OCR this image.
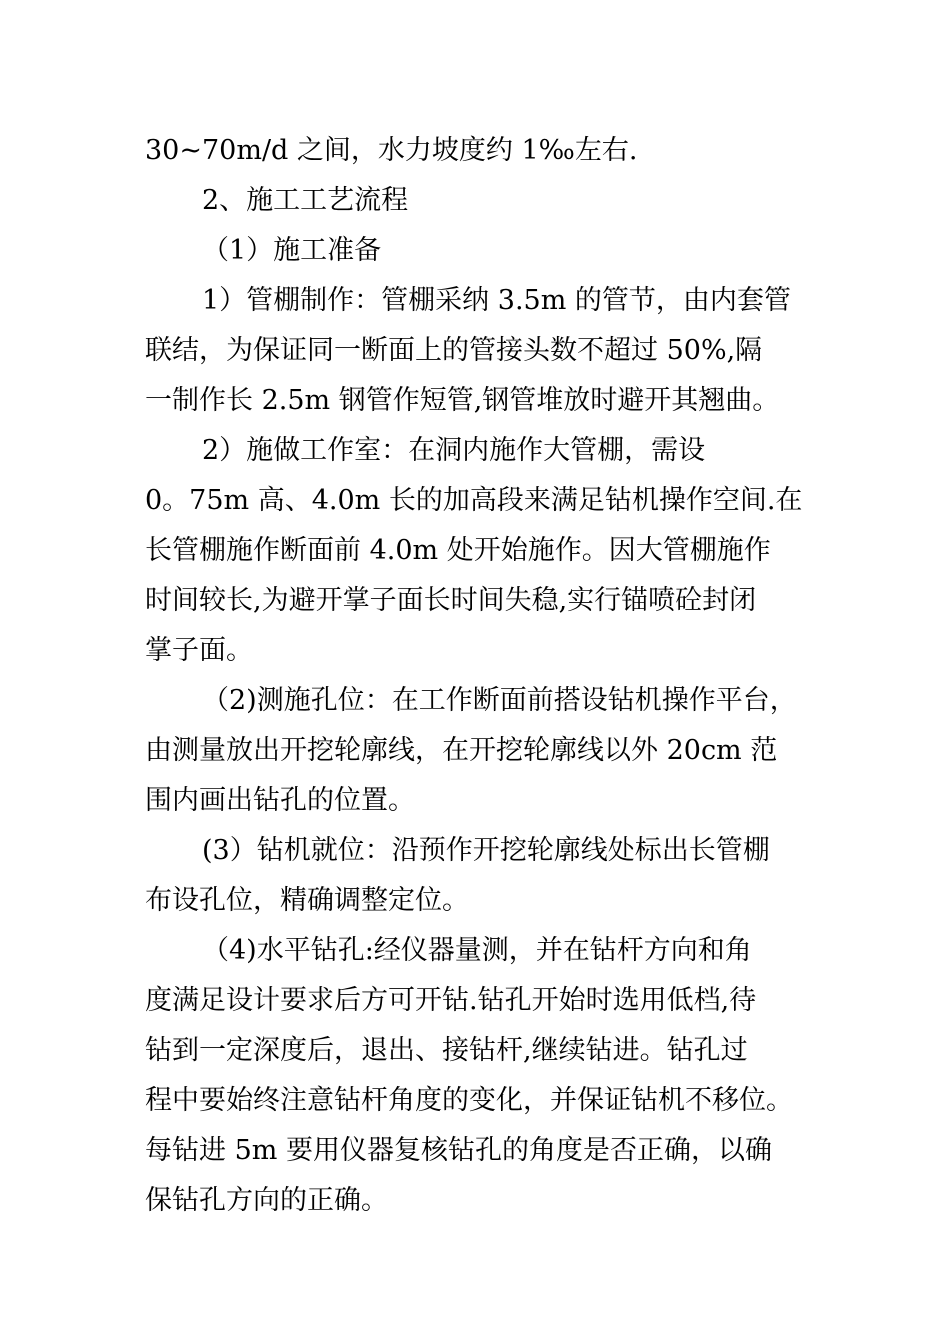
30~70m/d 之间，水力坡度约 1‰左右.
2、施工工艺流程
（1）施工准备
1）管棚制作：管棚采纳 3.5m 的管节，由内套管
联结，为保证同一断面上的管接头数不超过 50%,隔
一制作长 2.5m 钢管作短管,钢管堆放时避开其翘曲。
2）施做工作室：在洞内施作大管棚，需设
0。75m 高、4.0m 长的加高段来满足钻机操作空间.在
长管棚施作断面前 4.0m 处开始施作。因大管棚施作
时间较长,为避开掌子面长时间失稳,实行锚喷砼封闭
掌子面。
（2)测施孔位：在工作断面前搭设钻机操作平台，
由测量放出开挖轮廓线，在开挖轮廓线以外 20cm 范
围内画出钻孔的位置。
(3）钻机就位：沿预作开挖轮廓线处标出长管棚
布设孔位，精确调整定位。
（4)水平钻孔:经仪器量测，并在钻杆方向和角
度满足设计要求后方可开钻.钻孔开始时选用低档,待
钻到一定深度后，退出、接钻杆,继续钻进。钻孔过
程中要始终注意钻杆角度的变化，并保证钻机不移位。
每钻进 5m 要用仪器复核钻孔的角度是否正确，以确
保钻孔方向的正确。
